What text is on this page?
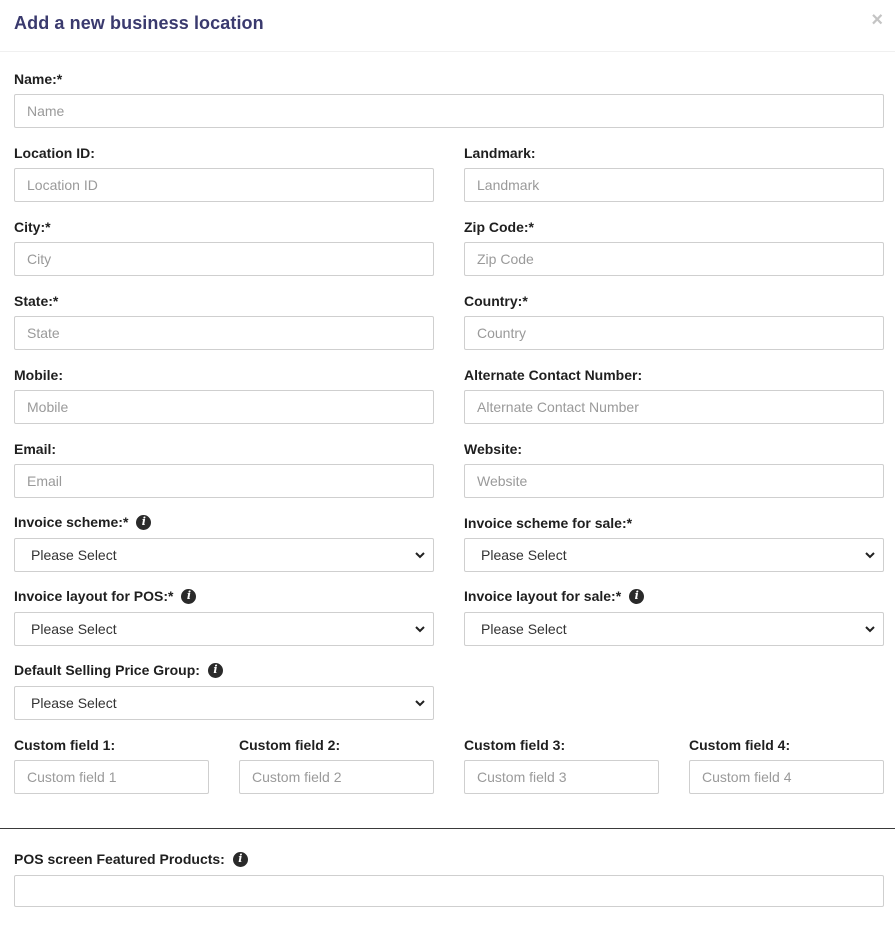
Add a new business location	×
Name:*
Name
Location ID:
Location ID	Landmark:
Landmark
City:*
City	Zip Code:*
Zip Code
State:*
State	Country:*
Country
Mobile:
Mobile	Alternate Contact Number:
Alternate Contact Number
Email:
Email	Website:
Website
Invoice scheme:*	i
Please Select
Invoice scheme for sale:*
Please Select
Invoice layout for POS:*	i
Please Select
Invoice layout for sale:*	i
Please Select
Default Selling Price Group:	i
Please Select
Custom field 1:
Custom field 1	Custom field 2:
Custom field 2	Custom field 3:
Custom field 3	Custom field 4:
Custom field 4
POS screen Featured Products:	i
